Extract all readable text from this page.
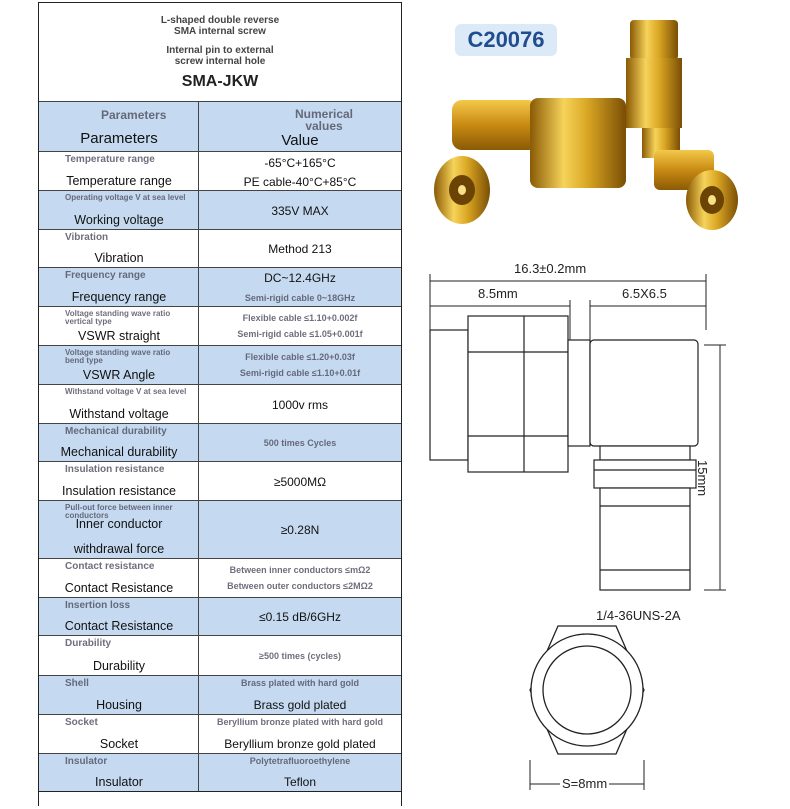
L-shaped double reverse
SMA internal screw
Internal pin to external
screw internal hole
SMA-JKW
Parameters
Parameters
Numerical values
Value
Temperature range
Temperature range
-65°C+165°C
PE cable-40°C+85°C
Operating voltage V at sea level
Working voltage
335V MAX
Vibration
Vibration
Method 213
Frequency range
Frequency range	Semi-rigid cable 0~18GHz
DC~12.4GHz
Voltage standing wave ratio vertical type
VSWR straight
Flexible cable ≤1.10+0.002f
Semi-rigid cable ≤1.05+0.001f
Voltage standing wave ratio bend type
VSWR Angle
Flexible cable ≤1.20+0.03f
Semi-rigid cable ≤1.10+0.01f
Withstand voltage V at sea level
Withstand voltage
1000v rms
Mechanical durability
Mechanical durability
500 times Cycles
Insulation resistance
Insulation resistance
≥5000MΩ
Pull-out force between inner conductors
Inner conductor
withdrawal force
≥0.28N
Contact resistance
Contact Resistance
Between inner conductors ≤mΩ2
Between outer conductors ≤2MΩ2
Insertion loss
Contact Resistance
≤0.15 dB/6GHz
Durability
Durability
≥500 times (cycles)
Shell
Housing
Brass plated with hard gold
Brass gold plated
Socket
Socket
Beryllium bronze plated with hard gold
Beryllium bronze gold plated
Insulator
Insulator
Polytetrafluoroethylene
Teflon
C20076
16.3±0.2mm
8.5mm	6.5X6.5
15mm
1/4-36UNS-2A
S=8mm
